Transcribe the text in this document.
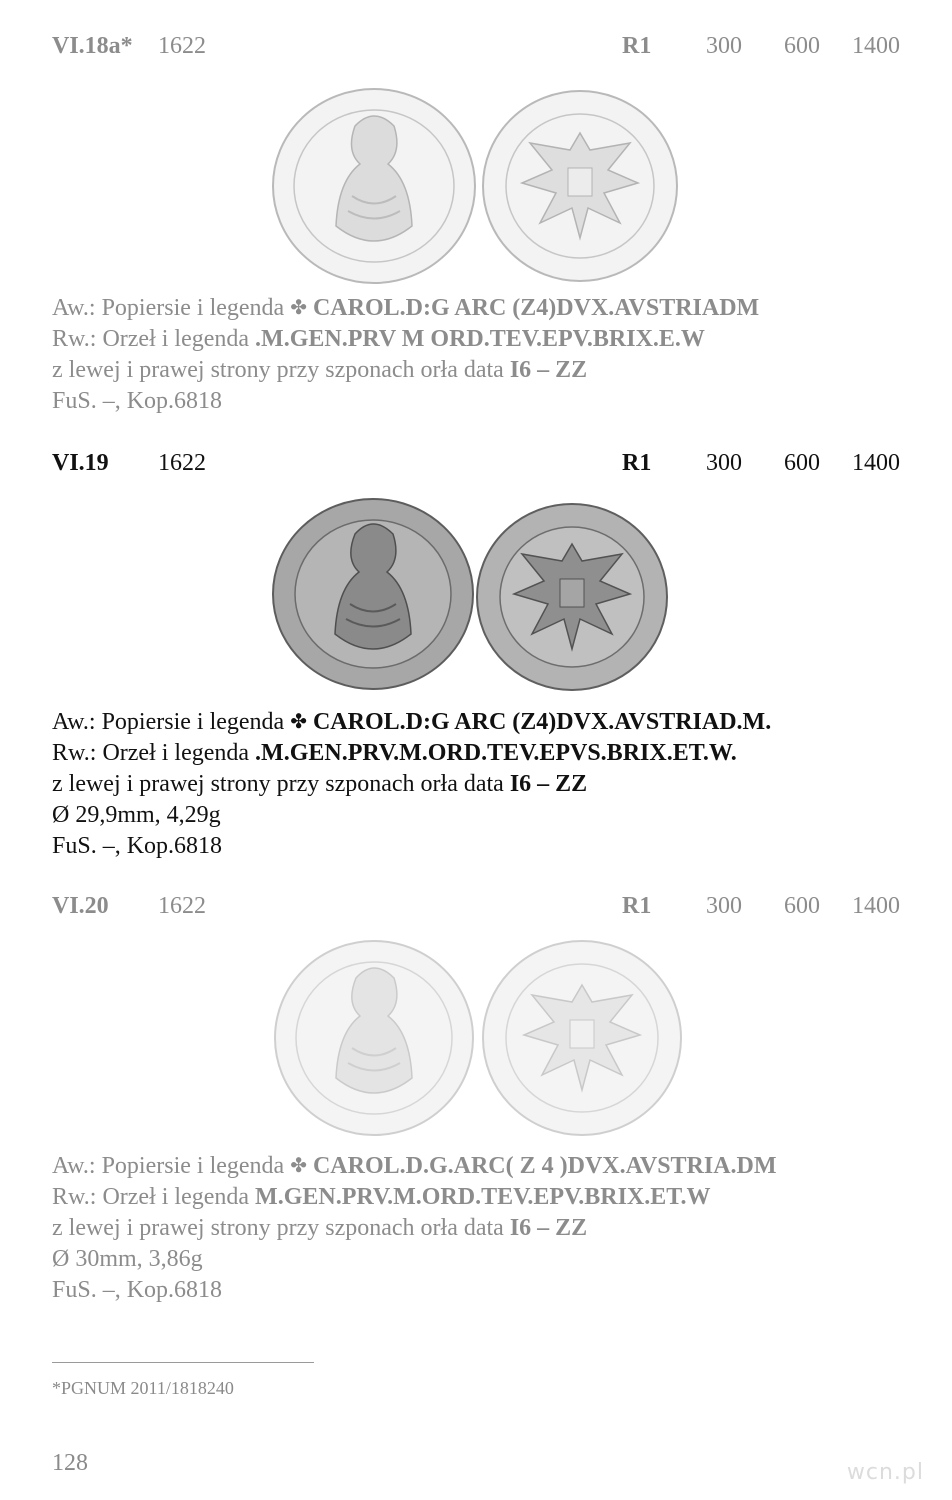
VI.18a* 1622	R1 300 600 1400
Aw.: Popiersie i legenda ✤ CAROL.D:G ARC (Z4)DVX.AVSTRIADM
Rw.: Orzeł i legenda .M.GEN.PRV M ORD.TEV.EPV.BRIX.E.W
z lewej i prawej strony przy szponach orła data I6 – ZZ
FuS. –, Kop.6818
VI.19 1622	R1 300 600 1400
Aw.: Popiersie i legenda ✤ CAROL.D:G ARC (Z4)DVX.AVSTRIAD.M.
Rw.: Orzeł i legenda .M.GEN.PRV.M.ORD.TEV.EPVS.BRIX.ET.W.
z lewej i prawej strony przy szponach orła data I6 – ZZ
Ø 29,9mm, 4,29g
FuS. –, Kop.6818
VI.20 1622	R1 300 600 1400
Aw.: Popiersie i legenda ✤ CAROL.D.G.ARC( Z 4 )DVX.AVSTRIA.DM
Rw.: Orzeł i legenda M.GEN.PRV.M.ORD.TEV.EPV.BRIX.ET.W
z lewej i prawej strony przy szponach orła data I6 – ZZ
Ø 30mm, 3,86g
FuS. –, Kop.6818
*PGNUM 2011/1818240
128	wcn.pl
